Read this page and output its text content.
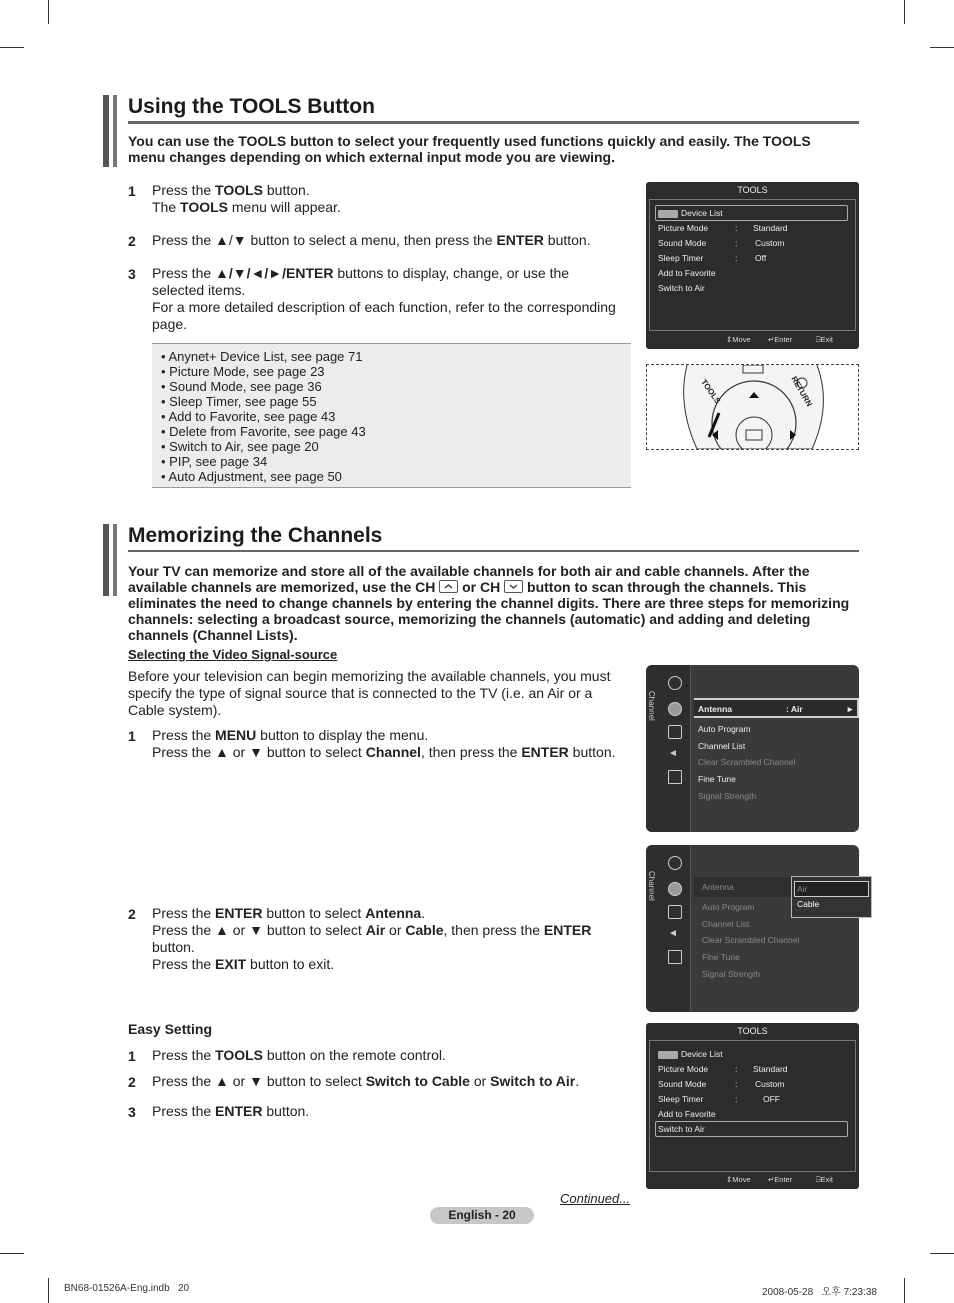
Using the TOOLS Button
You can use the TOOLS button to select your frequently used functions quickly and easily. The TOOLS menu changes depending on which external input mode you are viewing.
1 Press the TOOLS button.
The TOOLS menu will appear.
2 Press the ▲/▼ button to select a menu, then press the ENTER button.
3 Press the ▲/▼/◄/►/ENTER buttons to display, change, or use the selected items.
For a more detailed description of each function, refer to the corresponding page.
• Anynet+ Device List, see page 71
• Picture Mode, see page 23
• Sound Mode, see page 36
• Sleep Timer, see page 55
• Add to Favorite, see page 43
• Delete from Favorite, see page 43
• Switch to Air, see page 20
• PIP, see page 34
• Auto Adjustment, see page 50
TOOLS
Device List
Picture Mode	: Standard
Sound Mode	: Custom
Sleep Timer	: Off
Add to Favorite
Switch to Air
⇕Move ↵Enter	⍈Exit
TOOLS	RETURN
Memorizing the Channels
Your TV can memorize and store all of the available channels for both air and cable channels. After the available channels are memorized, use the CH or CH button to scan through the channels. This eliminates the need to change channels by entering the channel digits. There are three steps for memorizing channels: selecting a broadcast source, memorizing the channels (automatic) and adding and deleting channels (Channel Lists).
Selecting the Video Signal-source
Before your television can begin memorizing the available channels, you must specify the type of signal source that is connected to the TV (i.e. an Air or a Cable system).
1 Press the MENU button to display the menu.
Press the ▲ or ▼ button to select Channel, then press the ENTER button.
2 Press the ENTER button to select Antenna.
Press the ▲ or ▼ button to select Air or Cable, then press the ENTER button.
Press the EXIT button to exit.
Easy Setting
1 Press the TOOLS button on the remote control.
2 Press the ▲ or ▼ button to select Switch to Cable or Switch to Air.
3 Press the ENTER button.
Channel
◄
Antenna	: Air	►
Auto Program
Channel List
Clear Scrambled Channel
Fine Tune
Signal Strength
Channel
◄
Antenna
Auto Program
Channel List
Clear Scrambled Channel
Fine Tune
Signal Strength
Air
Cable
TOOLS
Device List
Picture Mode	: Standard
Sound Mode	: Custom
Sleep Timer	:	OFF
Add to Favorite
Switch to Air
⇕Move ↵Enter	⍈Exit
Continued...
English - 20
BN68-01526A-Eng.indb   20	2008-05-28   오후 7:23:38
